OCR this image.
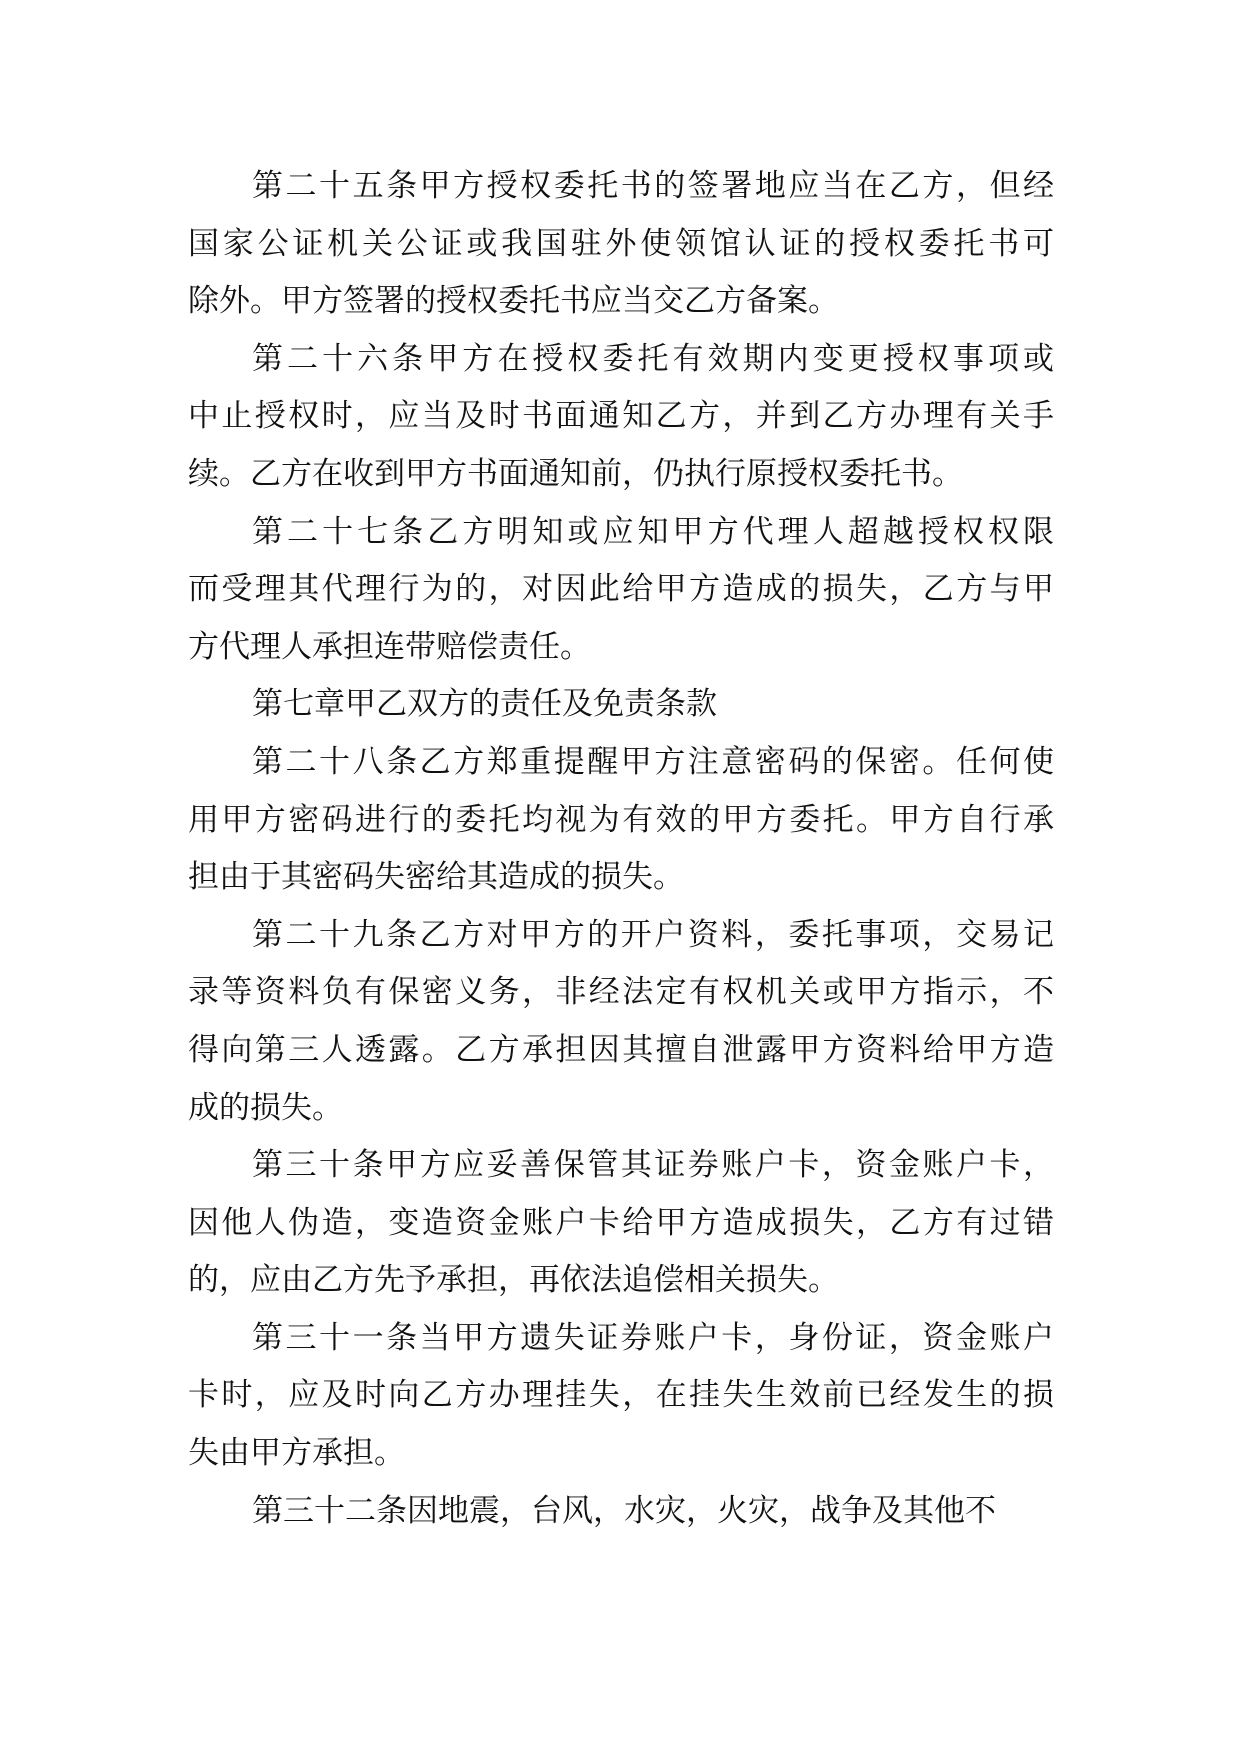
第二十五条甲方授权委托书的签署地应当在乙方，但经
国家公证机关公证或我国驻外使领馆认证的授权委托书可
除外。甲方签署的授权委托书应当交乙方备案。
第二十六条甲方在授权委托有效期内变更授权事项或
中止授权时，应当及时书面通知乙方，并到乙方办理有关手
续。乙方在收到甲方书面通知前，仍执行原授权委托书。
第二十七条乙方明知或应知甲方代理人超越授权权限
而受理其代理行为的，对因此给甲方造成的损失，乙方与甲
方代理人承担连带赔偿责任。
第七章甲乙双方的责任及免责条款
第二十八条乙方郑重提醒甲方注意密码的保密。任何使
用甲方密码进行的委托均视为有效的甲方委托。甲方自行承
担由于其密码失密给其造成的损失。
第二十九条乙方对甲方的开户资料，委托事项，交易记
录等资料负有保密义务，非经法定有权机关或甲方指示，不
得向第三人透露。乙方承担因其擅自泄露甲方资料给甲方造
成的损失。
第三十条甲方应妥善保管其证券账户卡，资金账户卡，
因他人伪造，变造资金账户卡给甲方造成损失，乙方有过错
的，应由乙方先予承担，再依法追偿相关损失。
第三十一条当甲方遗失证券账户卡，身份证，资金账户
卡时，应及时向乙方办理挂失，在挂失生效前已经发生的损
失由甲方承担。
第三十二条因地震，台风，水灾，火灾，战争及其他不
